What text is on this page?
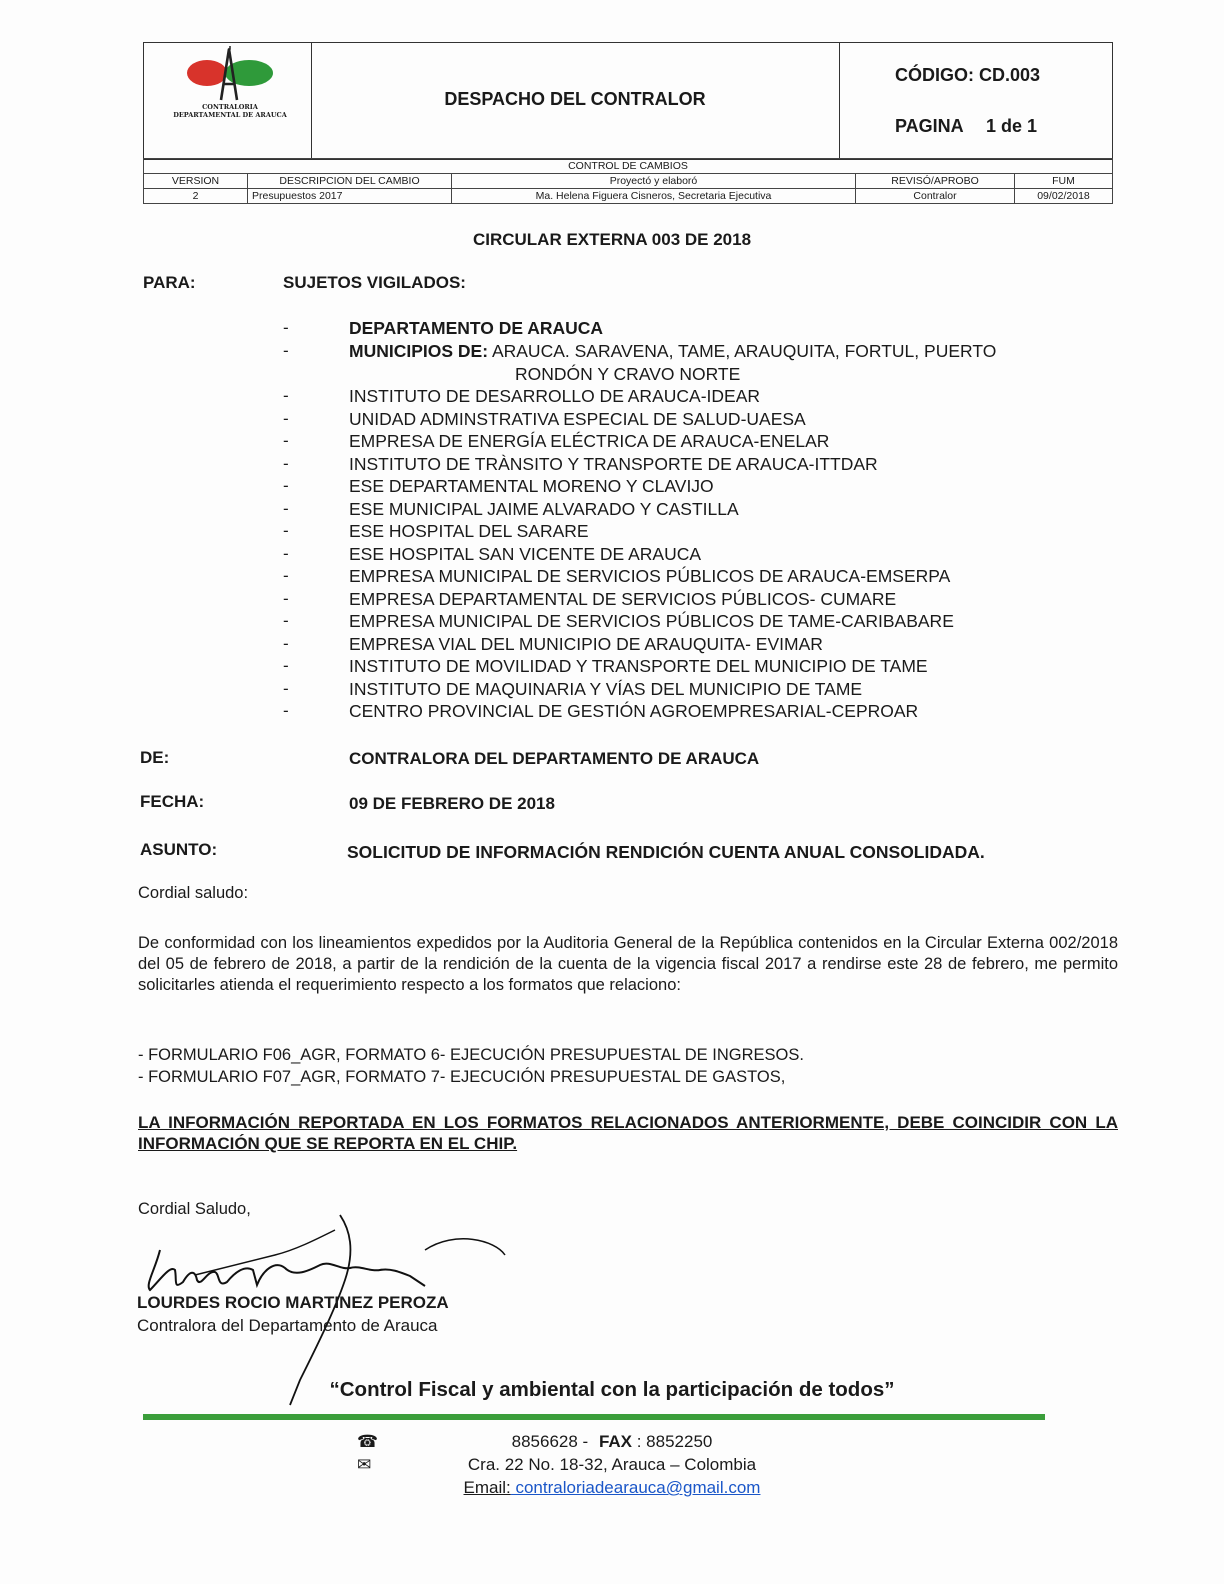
CONTRALORIA
DEPARTAMENTAL DE ARAUCA
DESPACHO DEL CONTRALOR
CÓDIGO: CD.003
PAGINA 1 de 1
CONTROL DE CAMBIOS				
VERSION	DESCRIPCION DEL CAMBIO	Proyectó y elaboró	REVISÓ/APROBO	FUM
2	Presupuestos 2017	Ma. Helena Figuera Cisneros, Secretaria Ejecutiva	Contralor	09/02/2018
CIRCULAR EXTERNA 003 DE 2018
PARA:	SUJETOS VIGILADOS:
-	DEPARTAMENTO DE ARAUCA
-	MUNICIPIOS DE: ARAUCA. SARAVENA, TAME, ARAUQUITA, FORTUL, PUERTO
RONDÓN Y CRAVO NORTE
-	INSTITUTO DE DESARROLLO DE ARAUCA-IDEAR
-	UNIDAD ADMINSTRATIVA ESPECIAL DE SALUD-UAESA
-	EMPRESA DE ENERGÍA ELÉCTRICA DE ARAUCA-ENELAR
-	INSTITUTO DE TRÀNSITO Y TRANSPORTE DE ARAUCA-ITTDAR
-	ESE DEPARTAMENTAL MORENO Y CLAVIJO
-	ESE MUNICIPAL JAIME ALVARADO Y CASTILLA
-	ESE HOSPITAL DEL SARARE
-	ESE HOSPITAL SAN VICENTE DE ARAUCA
-	EMPRESA MUNICIPAL DE SERVICIOS PÚBLICOS DE ARAUCA-EMSERPA
-	EMPRESA DEPARTAMENTAL DE SERVICIOS PÚBLICOS- CUMARE
-	EMPRESA MUNICIPAL DE SERVICIOS PÚBLICOS DE TAME-CARIBABARE
-	EMPRESA VIAL DEL MUNICIPIO DE ARAUQUITA- EVIMAR
-	INSTITUTO DE MOVILIDAD Y TRANSPORTE DEL MUNICIPIO DE TAME
-	INSTITUTO DE MAQUINARIA Y VÍAS DEL MUNICIPIO DE TAME
-	CENTRO PROVINCIAL DE GESTIÓN AGROEMPRESARIAL-CEPROAR
DE:	CONTRALORA DEL DEPARTAMENTO DE ARAUCA
FECHA:	09 DE FEBRERO DE 2018
ASUNTO:	SOLICITUD DE INFORMACIÓN RENDICIÓN CUENTA ANUAL CONSOLIDADA.
Cordial saludo:
De conformidad con los lineamientos expedidos por la Auditoria General de la República contenidos en la Circular Externa 002/2018 del 05 de febrero de 2018, a partir de la rendición de la cuenta de la vigencia fiscal 2017 a rendirse este 28 de febrero, me permito solicitarles atienda el requerimiento respecto a los formatos que relaciono:
- FORMULARIO F06_AGR, FORMATO 6- EJECUCIÓN PRESUPUESTAL DE INGRESOS.
- FORMULARIO F07_AGR, FORMATO 7- EJECUCIÓN PRESUPUESTAL DE GASTOS,
LA INFORMACIÓN REPORTADA EN LOS FORMATOS RELACIONADOS ANTERIORMENTE, DEBE COINCIDIR CON LA INFORMACIÓN QUE SE REPORTA EN EL CHIP.
Cordial Saludo,
LOURDES ROCIO MARTINEZ PEROZA
Contralora del Departamento de Arauca
“Control Fiscal y ambiental con la participación de todos”
☎
✉
8856628 - FAX : 8852250
Cra. 22 No. 18-32, Arauca – Colombia
Email: contraloriadearauca@gmail.com
